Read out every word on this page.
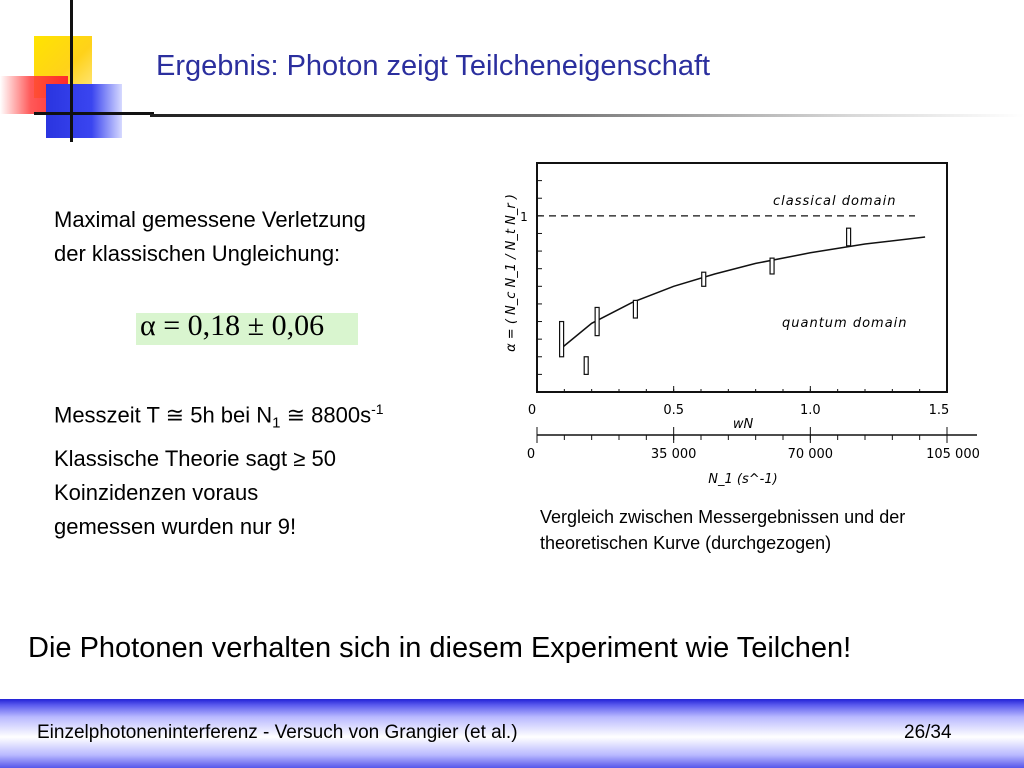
Ergebnis: Photon zeigt Teilcheneigenschaft
Maximal gemessene Verletzung
der klassischen Ungleichung:
α = 0,18 ± 0,06
Messzeit T ≅ 5h bei $N_1$ ≅ $8800s^{-1}$
Klassische Theorie sagt ≥ 50
Koinzidenzen voraus
gemessen wurden nur 9!
1
0	0.5	1.0	1.5
wN
0	35 000	70 000	105 000
N_1 (s^-1)
α = ( N_c N_1 / N_t N_r )	classical domain
quantum domain
Vergleich zwischen Messergebnissen und der
theoretischen Kurve (durchgezogen)
Die Photonen verhalten sich in diesem Experiment wie Teilchen!
Einzelphotoneninterferenz - Versuch von Grangier (et al.)	26/34
